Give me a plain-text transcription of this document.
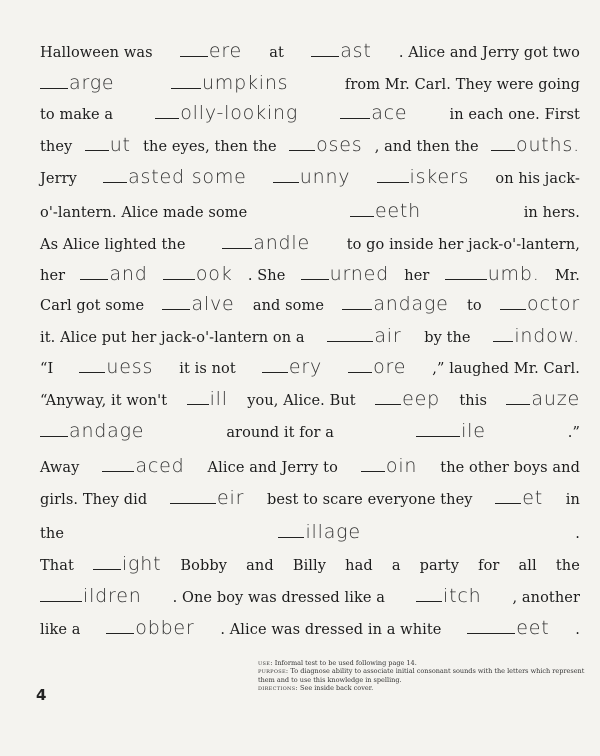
Halloween was	ere at	ast . Alice and Jerry got two
arge	umpkins	from Mr. Carl. They were going
to make a	olly-looking	ace	in each one. First
they	ut the eyes, then the	oses , and then the	ouths.
Jerry	asted some	unny	iskers on his jack-
o'-lantern. Alice made some	eeth	in hers.
As Alice lighted the	andle	to go inside her jack-o'-lantern,
her	and	ook . She	urned her	umb. Mr.
Carl got some	alve and some	andage to	octor
it. Alice put her jack-o'-lantern on a	air by the	indow.
“I	uess it is not	ery	ore ,” laughed Mr. Carl.
“Anyway, it won't	ill you, Alice. But	eep this	auze
andage	around it for a	ile	.”
Away	aced Alice and Jerry to	oin the other boys and
girls. They did	eir best to scare everyone they	et in
the	illage	.
That	ight Bobby and Billy had a party for all the
ildren . One boy was dressed like a	itch , another
like a	obber . Alice was dressed in a white	eet .
use: Informal test to be used following page 14.
purpose: To diagnose ability to associate initial consonant sounds with the letters which represent them and to use this knowledge in spelling.
directions: See inside back cover.
4
